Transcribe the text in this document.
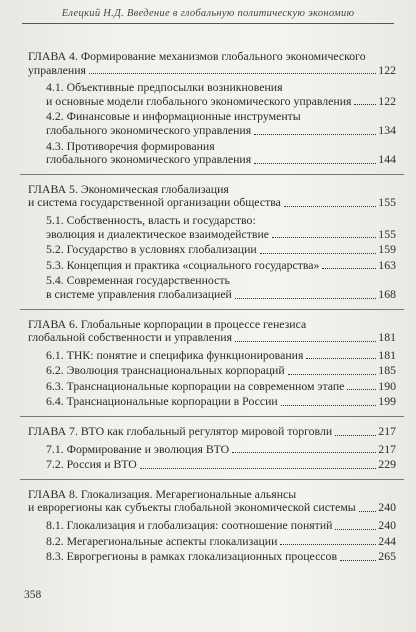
Елецкий Н.Д. Введение в глобальную политическую экономию
ГЛАВА 4. Формирование механизмов глобального экономического
управления	122
4.1. Объективные предпосылки возникновения
и основные модели глобального экономического управления 122
4.2. Финансовые и информационные инструменты
глобального экономического управления	134
4.3. Противоречия формирования
глобального экономического управления	144
ГЛАВА 5. Экономическая глобализация
и система государственной организации общества	155
5.1. Собственность, власть и государство:
эволюция и диалектическое взаимодействие	155
5.2. Государство в условиях глобализации	159
5.3. Концепция и практика «социального государства»	163
5.4. Современная государственность
в системе управления глобализацией	168
ГЛАВА 6. Глобальные корпорации в процессе генезиса
глобальной собственности и управления	181
6.1. ТНК: понятие и специфика функционирования	181
6.2. Эволюция транснациональных корпораций	185
6.3. Транснациональные корпорации на современном этапе	190
6.4. Транснациональные корпорации в России	199
ГЛАВА 7. ВТО как глобальный регулятор мировой торговли	217
7.1. Формирование и эволюция ВТО	217
7.2. Россия и ВТО	229
ГЛАВА 8. Глокализация. Мегарегиональные альянсы
и еврорегионы как субъекты глобальной экономической системы 240
8.1. Глокализация и глобализация: соотношение понятий	240
8.2. Мегарегиональные аспекты глокализации	244
8.3. Еврогрегионы в рамках глокализационных процессов	265
358
